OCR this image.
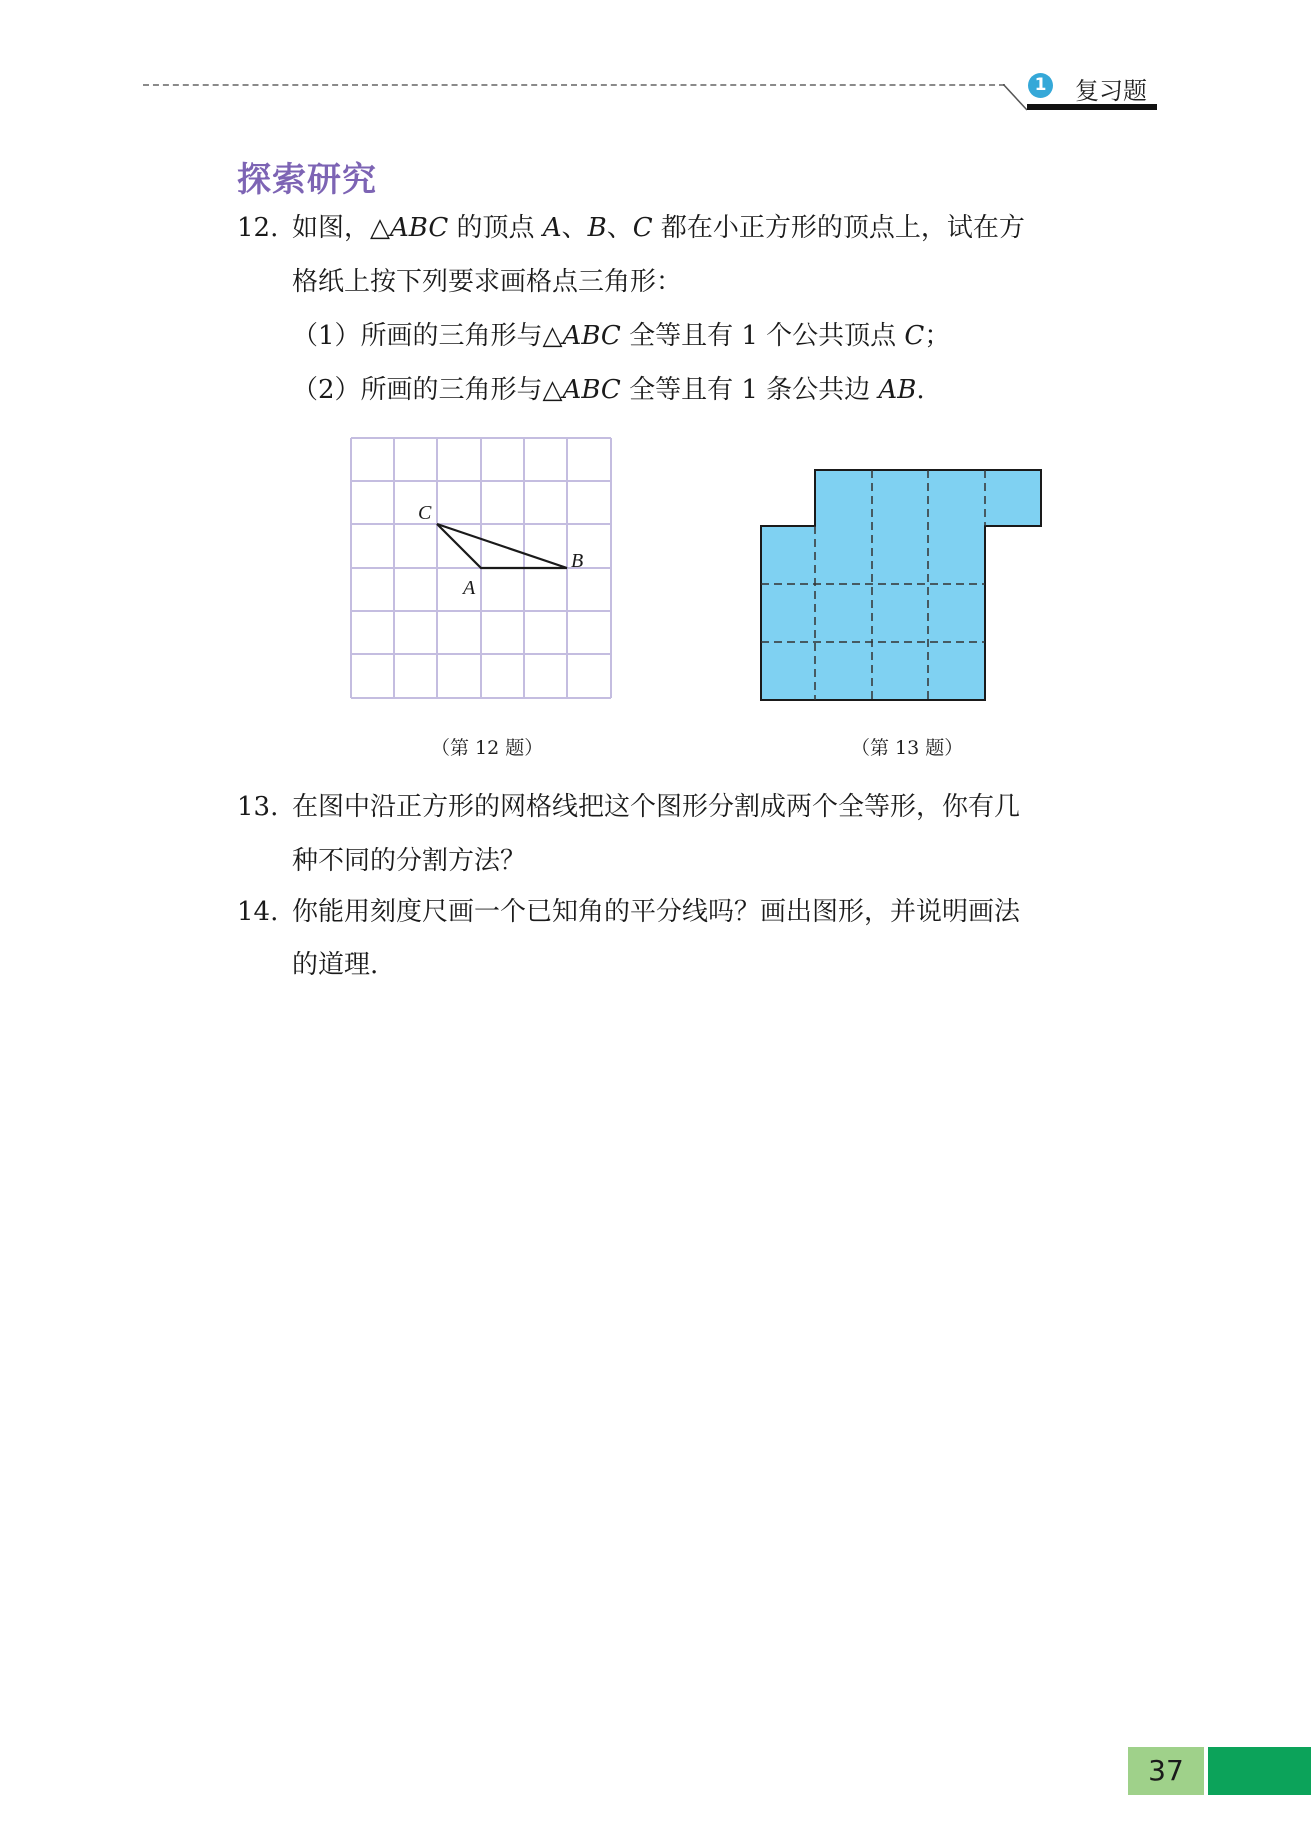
1 复习题
探索研究
12. 如图，△ABC 的顶点 A、B、C 都在小正方形的顶点上，试在方
格纸上按下列要求画格点三角形：
（1）所画的三角形与△ABC 全等且有 1 个公共顶点 C；
（2）所画的三角形与△ABC 全等且有 1 条公共边 AB.
C
A
B
（第 12 题）	（第 13 题）
13. 在图中沿正方形的网格线把这个图形分割成两个全等形，你有几
种不同的分割方法？
14. 你能用刻度尺画一个已知角的平分线吗？画出图形，并说明画法
的道理.
37
